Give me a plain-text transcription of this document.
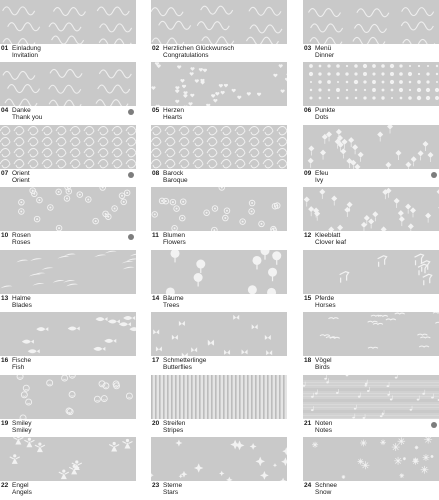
01 Einladung
Invitation
02 Herzlichen Glückwunsch
Congratulations
03 Menü
Dinner
04 Danke
Thank you
05 Herzen
Hearts
06 Punkte
Dots
07 Orient
Orient
08 Barock
Baroque
09 Efeu
Ivy
10 Rosen
Roses
11 Blumen
Flowers
12 Kleeblatt
Clover leaf
13 Halme
Blades
14 Bäume
Trees
15 Pferde
Horses
16 Fische
Fish
17 Schmetterlinge
Butterflies
18 Vögel
Birds
19 Smiley
Smiley
20 Streifen
Stripes
21 Noten
Notes
22 Engel
Angels
23 Sterne
Stars
24 Schnee
Snow
